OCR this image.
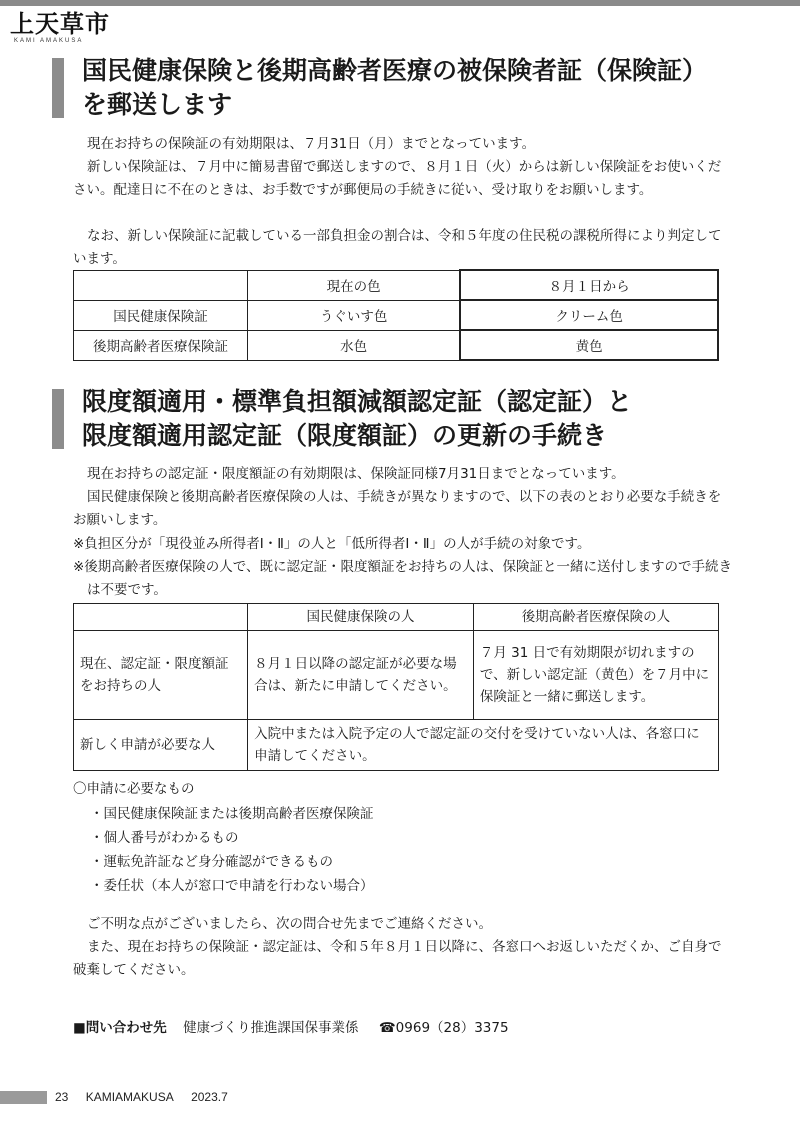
上天草市
KAMI AMAKUSA
国民健康保険と後期高齢者医療の被保険者証（保険証）
を郵送します

現在お持ちの保険証の有効期限は、７月31日（月）までとなっています。

新しい保険証は、７月中に簡易書留で郵送しますので、８月１日（火）からは新しい保険証をお使いください。配達日に不在のときは、お手数ですが郵便局の手続きに従い、受け取りをお願いします。

なお、新しい保険証に記載している一部負担金の割合は、令和５年度の住民税の課税所得により判定しています。

	現在の色	８月１日から
国民健康保険証	うぐいす色	クリーム色
後期高齢者医療保険証	水色	黄色
限度額適用・標準負担額減額認定証（認定証）と
限度額適用認定証（限度額証）の更新の手続き

現在お持ちの認定証・限度額証の有効期限は、保険証同様7月31日までとなっています。

国民健康保険と後期高齢者医療保険の人は、手続きが異なりますので、以下の表のとおり必要な手続きをお願いします。

※負担区分が「現役並み所得者Ⅰ・Ⅱ」の人と「低所得者Ⅰ・Ⅱ」の人が手続の対象です。

※後期高齢者医療保険の人で、既に認定証・限度額証をお持ちの人は、保険証と一緒に送付しますので手続きは不要です。

	国民健康保険の人	後期高齢者医療保険の人
現在、認定証・限度額証をお持ちの人	８月１日以降の認定証が必要な場合は、新たに申請してください。	７月 31 日で有効期限が切れますので、新しい認定証（黄色）を７月中に保険証と一緒に郵送します。
新しく申請が必要な人	入院中または入院予定の人で認定証の交付を受けていない人は、各窓口に申請してください。	
〇申請に必要なもの
・国民健康保険証または後期高齢者医療保険証
・個人番号がわかるもの
・運転免許証など身分確認ができるもの
・委任状（本人が窓口で申請を行わない場合）

ご不明な点がございましたら、次の問合せ先までご連絡ください。

また、現在お持ちの保険証・認定証は、令和５年８月１日以降に、各窓口へお返しいただくか、ご自身で破棄してください。

■問い合わせ先 健康づくり推進課国保事業係 ☎0969（28）3375
23 KAMIAMAKUSA 2023.7
